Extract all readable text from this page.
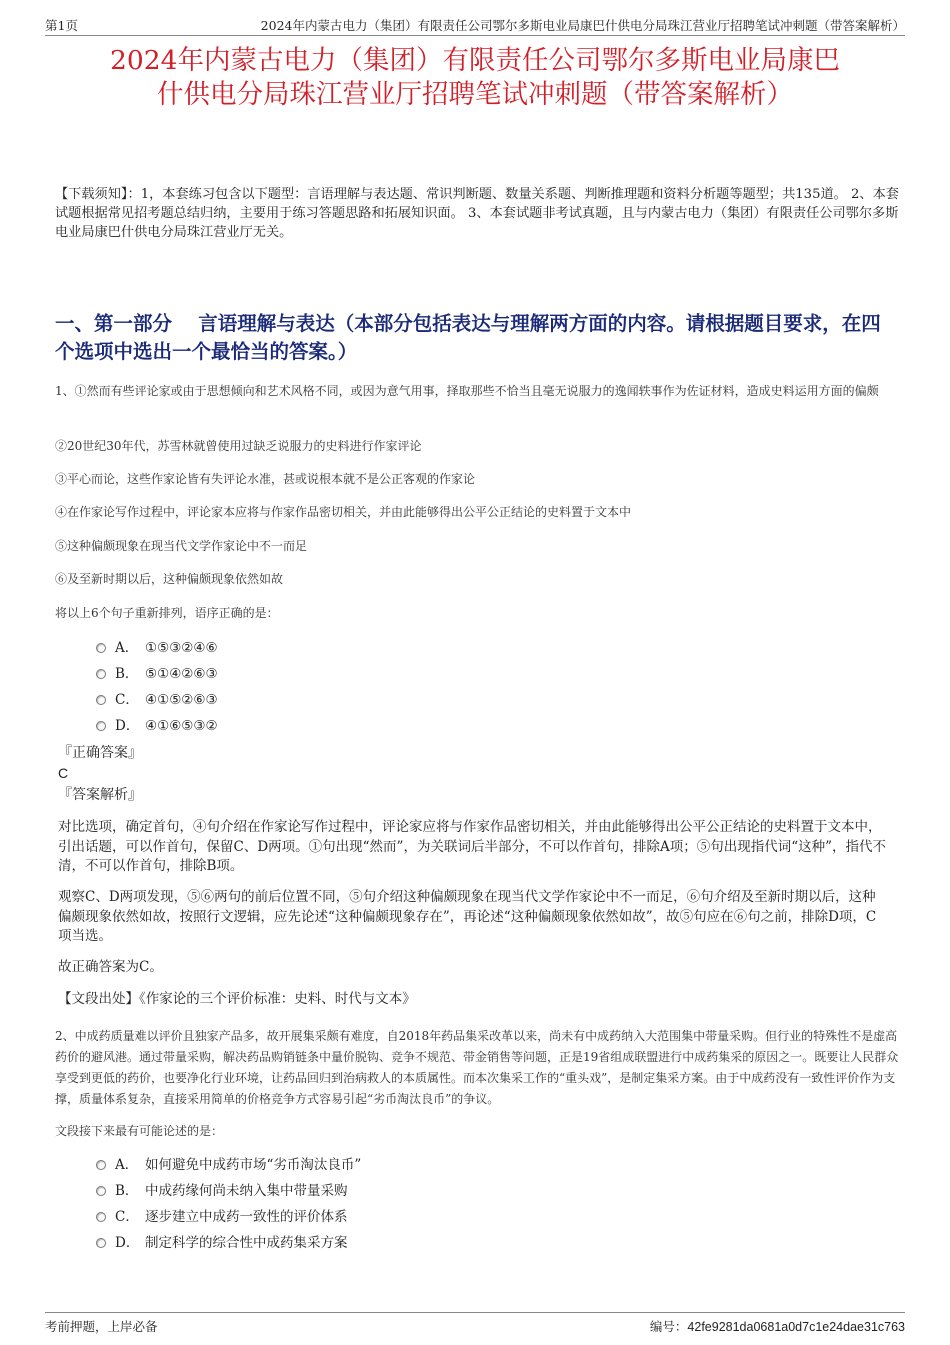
第1页	2024年内蒙古电力（集团）有限责任公司鄂尔多斯电业局康巴什供电分局珠江营业厅招聘笔试冲刺题（带答案解析）
2024年内蒙古电力（集团）有限责任公司鄂尔多斯电业局康巴
什供电分局珠江营业厅招聘笔试冲刺题（带答案解析）

【下载须知】：1，本套练习包含以下题型：言语理解与表达题、常识判断题、数量关系题、判断推理题和资料分析题等题型；共135道。 2、本套试题根据常见招考题总结归纳，主要用于练习答题思路和拓展知识面。 3、本套试题非考试真题，且与内蒙古电力（集团）有限责任公司鄂尔多斯电业局康巴什供电分局珠江营业厅无关。

一、第一部分　 言语理解与表达（本部分包括表达与理解两方面的内容。请根据题目要求，在四个选项中选出一个最恰当的答案。）

1、①然而有些评论家或由于思想倾向和艺术风格不同，或因为意气用事，择取那些不恰当且毫无说服力的逸闻轶事作为佐证材料，造成史料运用方面的偏颇

②20世纪30年代，苏雪林就曾使用过缺乏说服力的史料进行作家评论

③平心而论，这些作家论皆有失评论水准，甚或说根本就不是公正客观的作家论

④在作家论写作过程中，评论家本应将与作家作品密切相关，并由此能够得出公平公正结论的史料置于文本中

⑤这种偏颇现象在现当代文学作家论中不一而足

⑥及至新时期以后，这种偏颇现象依然如故

将以上6个句子重新排列，语序正确的是：

A． ①⑤③②④⑥
B． ⑤①④②⑥③
C． ④①⑤②⑥③
D． ④①⑥⑤③②
『正确答案』
C
『答案解析』

对比选项，确定首句，④句介绍在作家论写作过程中，评论家应将与作家作品密切相关，并由此能够得出公平公正结论的史料置于文本中，引出话题，可以作首句，保留C、D两项。①句出现“然而”，为关联词后半部分，不可以作首句，排除A项；⑤句出现指代词“这种”，指代不清，不可以作首句，排除B项。

观察C、D两项发现，⑤⑥两句的前后位置不同，⑤句介绍这种偏颇现象在现当代文学作家论中不一而足，⑥句介绍及至新时期以后，这种偏颇现象依然如故，按照行文逻辑，应先论述“这种偏颇现象存在”，再论述“这种偏颇现象依然如故”，故⑤句应在⑥句之前，排除D项，C项当选。

故正确答案为C。

【文段出处】《作家论的三个评价标准：史料、时代与文本》

2、中成药质量难以评价且独家产品多，故开展集采颇有难度，自2018年药品集采改革以来，尚未有中成药纳入大范围集中带量采购。但行业的特殊性不是虚高药价的避风港。通过带量采购，解决药品购销链条中量价脱钩、竞争不规范、带金销售等问题，正是19省组成联盟进行中成药集采的原因之一。既要让人民群众享受到更低的药价，也要净化行业环境，让药品回归到治病救人的本质属性。而本次集采工作的“重头戏”，是制定集采方案。由于中成药没有一致性评价作为支撑，质量体系复杂，直接采用简单的价格竞争方式容易引起“劣币淘汰良币”的争议。

文段接下来最有可能论述的是：

A． 如何避免中成药市场“劣币淘汰良币”
B． 中成药缘何尚未纳入集中带量采购
C． 逐步建立中成药一致性的评价体系
D． 制定科学的综合性中成药集采方案
考前押题，上岸必备	编号：42fe9281da0681a0d7c1e24dae31c763
